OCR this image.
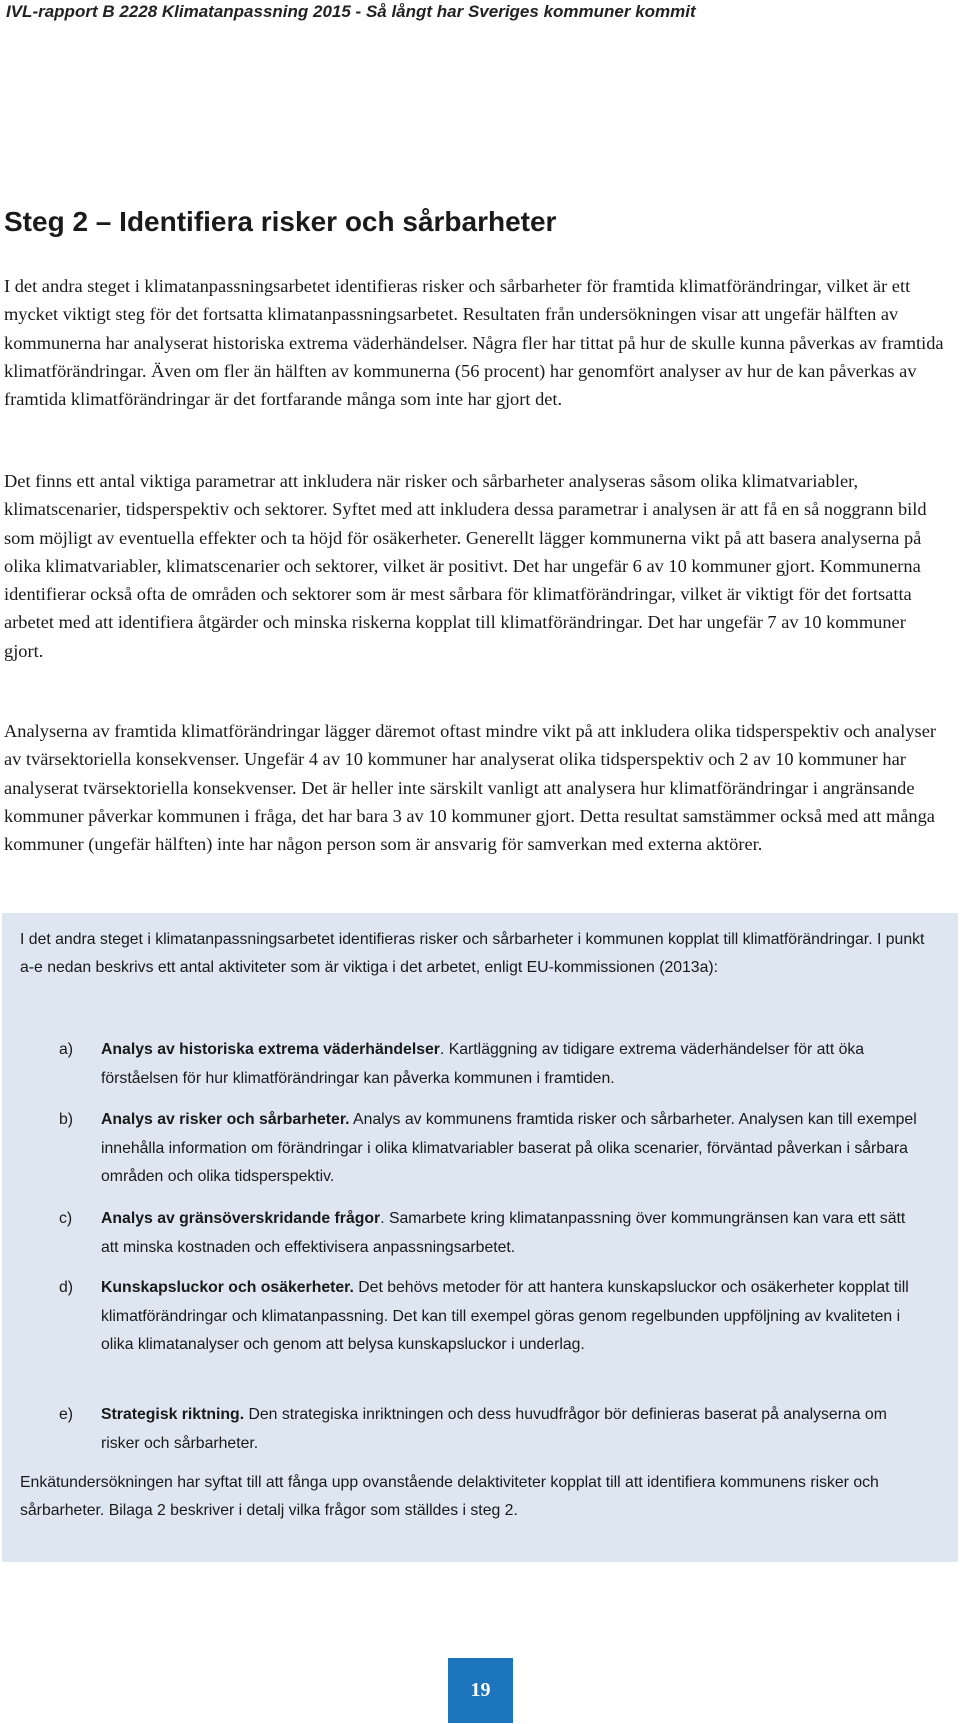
IVL-rapport B 2228 Klimatanpassning 2015 - Så långt har Sveriges kommuner kommit
Steg 2 – Identifiera risker och sårbarheter

I det andra steget i klimatanpassningsarbetet identifieras risker och sårbarheter för framtida klimatförändringar, vilket är ett mycket viktigt steg för det fortsatta klimatanpassningsarbetet. Resultaten från undersökningen visar att ungefär hälften av kommunerna har analyserat historiska extrema väderhändelser. Några fler har tittat på hur de skulle kunna påverkas av framtida klimatförändringar. Även om fler än hälften av kommunerna (56 procent) har genomfört analyser av hur de kan påverkas av framtida klimatförändringar är det fortfarande många som inte har gjort det.

Det finns ett antal viktiga parametrar att inkludera när risker och sårbarheter analyseras såsom olika klimatvariabler, klimatscenarier, tidsperspektiv och sektorer. Syftet med att inkludera dessa parametrar i analysen är att få en så noggrann bild som möjligt av eventuella effekter och ta höjd för osäkerheter. Generellt lägger kommunerna vikt på att basera analyserna på olika klimatvariabler, klimatscenarier och sektorer, vilket är positivt. Det har ungefär 6 av 10 kommuner gjort. Kommunerna identifierar också ofta de områden och sektorer som är mest sårbara för klimatförändringar, vilket är viktigt för det fortsatta arbetet med att identifiera åtgärder och minska riskerna kopplat till klimatförändringar. Det har ungefär 7 av 10 kommuner gjort.

Analyserna av framtida klimatförändringar lägger däremot oftast mindre vikt på att inkludera olika tidsperspektiv och analyser av tvärsektoriella konsekvenser. Ungefär 4 av 10 kommuner har analyserat olika tidsperspektiv och 2 av 10 kommuner har analyserat tvärsektoriella konsekvenser. Det är heller inte särskilt vanligt att analysera hur klimatförändringar i angränsande kommuner påverkar kommunen i fråga, det har bara 3 av 10 kommuner gjort. Detta resultat samstämmer också med att många kommuner (ungefär hälften) inte har någon person som är ansvarig för samverkan med externa aktörer.

I det andra steget i klimatanpassningsarbetet identifieras risker och sårbarheter i kommunen kopplat till klimatförändringar. I punkt a-e nedan beskrivs ett antal aktiviteter som är viktiga i det arbetet, enligt EU-kommissionen (2013a):

a) Analys av historiska extrema väderhändelser. Kartläggning av tidigare extrema väderhändelser för att öka förståelsen för hur klimatförändringar kan påverka kommunen i framtiden.

b) Analys av risker och sårbarheter. Analys av kommunens framtida risker och sårbarheter. Analysen kan till exempel innehålla information om förändringar i olika klimatvariabler baserat på olika scenarier, förväntad påverkan i sårbara områden och olika tidsperspektiv.

c) Analys av gränsöverskridande frågor. Samarbete kring klimatanpassning över kommungränsen kan vara ett sätt att minska kostnaden och effektivisera anpassningsarbetet.

d) Kunskapsluckor och osäkerheter. Det behövs metoder för att hantera kunskapsluckor och osäkerheter kopplat till klimatförändringar och klimatanpassning. Det kan till exempel göras genom regelbunden uppföljning av kvaliteten i olika klimatanalyser och genom att belysa kunskapsluckor i underlag.

e) Strategisk riktning. Den strategiska inriktningen och dess huvudfrågor bör definieras baserat på analyserna om risker och sårbarheter.

Enkätundersökningen har syftat till att fånga upp ovanstående delaktiviteter kopplat till att identifiera kommunens risker och sårbarheter. Bilaga 2 beskriver i detalj vilka frågor som ställdes i steg 2.

19
